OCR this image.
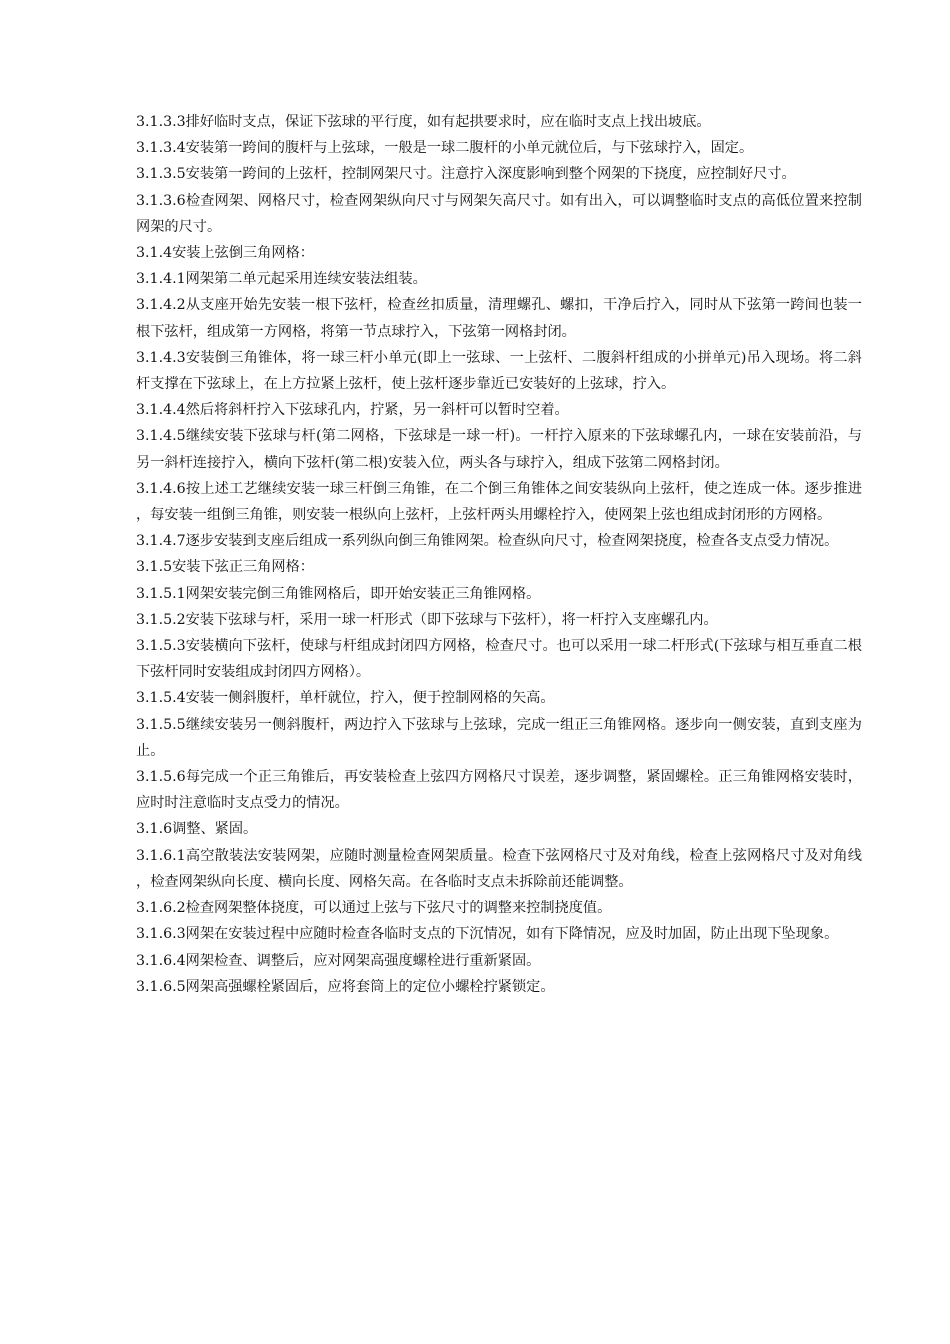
3.1.3.3排好临时支点，保证下弦球的平行度，如有起拱要求时，应在临时支点上找出坡底。

3.1.3.4安装第一跨间的腹杆与上弦球，一般是一球二腹杆的小单元就位后，与下弦球拧入，固定。

3.1.3.5安装第一跨间的上弦杆，控制网架尺寸。注意拧入深度影响到整个网架的下挠度，应控制好尺寸。

3.1.3.6检查网架、网格尺寸，检查网架纵向尺寸与网架矢高尺寸。如有出入，可以调整临时支点的高低位置来控制网架的尺寸。

3.1.4安装上弦倒三角网格：

3.1.4.1网架第二单元起采用连续安装法组装。

3.1.4.2从支座开始先安装一根下弦杆，检查丝扣质量，清理螺孔、螺扣，干净后拧入，同时从下弦第一跨间也装一根下弦杆，组成第一方网格，将第一节点球拧入，下弦第一网格封闭。

3.1.4.3安装倒三角锥体，将一球三杆小单元(即上一弦球、一上弦杆、二腹斜杆组成的小拼单元)吊入现场。将二斜杆支撑在下弦球上，在上方拉紧上弦杆，使上弦杆逐步靠近已安装好的上弦球，拧入。

3.1.4.4然后将斜杆拧入下弦球孔内，拧紧，另一斜杆可以暂时空着。

3.1.4.5继续安装下弦球与杆(第二网格，下弦球是一球一杆)。一杆拧入原来的下弦球螺孔内，一球在安装前沿，与另一斜杆连接拧入，横向下弦杆(第二根)安装入位，两头各与球拧入，组成下弦第二网格封闭。

3.1.4.6按上述工艺继续安装一球三杆倒三角锥，在二个倒三角锥体之间安装纵向上弦杆，使之连成一体。逐步推进，每安装一组倒三角锥，则安装一根纵向上弦杆，上弦杆两头用螺栓拧入，使网架上弦也组成封闭形的方网格。

3.1.4.7逐步安装到支座后组成一系列纵向倒三角锥网架。检查纵向尺寸，检查网架挠度，检查各支点受力情况。

3.1.5安装下弦正三角网格：

3.1.5.1网架安装完倒三角锥网格后，即开始安装正三角锥网格。

3.1.5.2安装下弦球与杆，采用一球一杆形式（即下弦球与下弦杆），将一杆拧入支座螺孔内。

3.1.5.3安装横向下弦杆，使球与杆组成封闭四方网格，检查尺寸。也可以采用一球二杆形式(下弦球与相互垂直二根下弦杆同时安装组成封闭四方网格）。

3.1.5.4安装一侧斜腹杆，单杆就位，拧入，便于控制网格的矢高。

3.1.5.5继续安装另一侧斜腹杆，两边拧入下弦球与上弦球，完成一组正三角锥网格。逐步向一侧安装，直到支座为止。

3.1.5.6每完成一个正三角锥后，再安装检查上弦四方网格尺寸误差，逐步调整，紧固螺栓。正三角锥网格安装时，应时时注意临时支点受力的情况。

3.1.6调整、紧固。

3.1.6.1高空散装法安装网架，应随时测量检查网架质量。检查下弦网格尺寸及对角线，检查上弦网格尺寸及对角线，检查网架纵向长度、横向长度、网格矢高。在各临时支点未拆除前还能调整。

3.1.6.2检查网架整体挠度，可以通过上弦与下弦尺寸的调整来控制挠度值。

3.1.6.3网架在安装过程中应随时检查各临时支点的下沉情况，如有下降情况，应及时加固，防止出现下坠现象。

3.1.6.4网架检查、调整后，应对网架高强度螺栓进行重新紧固。

3.1.6.5网架高强螺栓紧固后，应将套筒上的定位小螺栓拧紧锁定。
